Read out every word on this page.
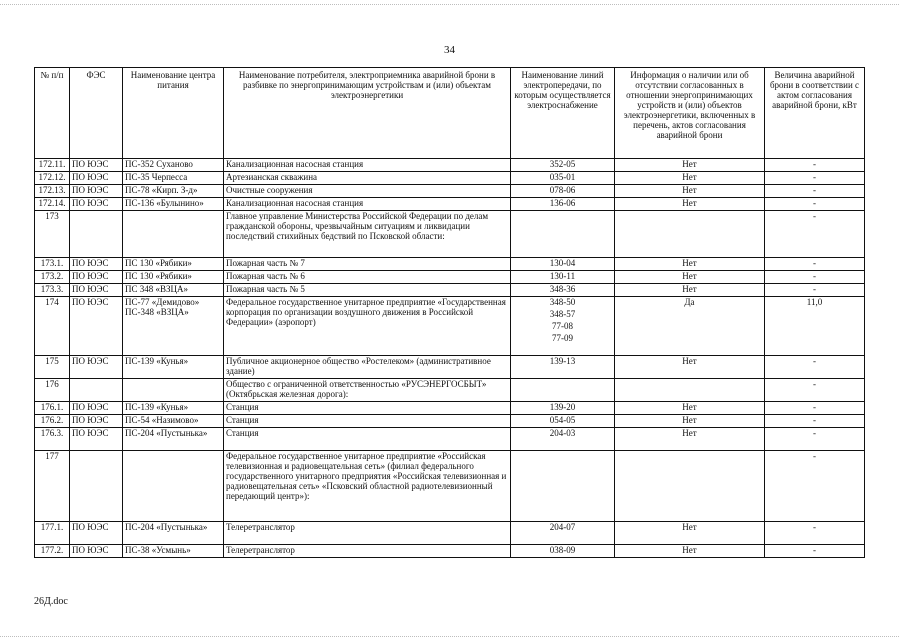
34
№ п/п	ФЭС	Наименование центра питания	Наименование потребителя, электроприемника аварийной брони в разбивке по энергопринимающим устройствам и (или) объектам электроэнергетики	Наименование линий электропередачи, по которым осуществляется электроснабжение	Информация о наличии или об отсутствии согласованных в отношении энергопринимающих устройств и (или) объектов электроэнергетики, включенных в перечень, актов согласования аварийной брони	Величина аварийной брони в соответствии с актом согласования аварийной брони, кВт
172.11.	ПО ЮЭС	ПС-352 Суханово	Канализационная насосная станция	352-05	Нет	-
172.12.	ПО ЮЭС	ПС-35 Черпесса	Артезианская скважина	035-01	Нет	-
172.13.	ПО ЮЭС	ПС-78 «Кирп. З-д»	Очистные сооружения	078-06	Нет	-
172.14.	ПО ЮЭС	ПС-136 «Булынино»	Канализационная насосная станция	136-06	Нет	-
173			Главное управление Министерства Российской Федерации по делам гражданской обороны, чрезвычайным ситуациям и ликвидации последствий стихийных бедствий по Псковской области:			-
173.1.	ПО ЮЭС	ПС 130 «Рябики»	Пожарная часть № 7	130-04	Нет	-
173.2.	ПО ЮЭС	ПС 130 «Рябики»	Пожарная часть № 6	130-11	Нет	-
173.3.	ПО ЮЭС	ПС 348 «ВЗЦА»	Пожарная часть № 5	348-36	Нет	-
174	ПО ЮЭС	ПС-77 «Демидово» ПС-348 «ВЗЦА»	Федеральное государственное унитарное предприятие «Государственная корпорация по организации воздушного движения в Российской Федерации» (аэропорт)	348-50
348-57
77-08
77-09	Да	11,0
175	ПО ЮЭС	ПС-139 «Кунья»	Публичное акционерное общество «Ростелеком» (административное здание)	139-13	Нет	-
176			Общество с ограниченной ответственностью «РУСЭНЕРГОСБЫТ» (Октябрьская железная дорога):			-
176.1.	ПО ЮЭС	ПС-139 «Кунья»	Станция	139-20	Нет	-
176.2.	ПО ЮЭС	ПС-54 «Назимово»	Станция	054-05	Нет	-
176.3.	ПО ЮЭС	ПС-204 «Пустынька»	Станция	204-03	Нет	-
177			Федеральное государственное унитарное предприятие «Российская телевизионная и радиовещательная сеть» (филиал федерального государственного унитарного предприятия «Российская телевизионная и радиовещательная сеть» «Псковский областной радиотелевизионный передающий центр»):			-
177.1.	ПО ЮЭС	ПС-204 «Пустынька»	Телеретранслятор	204-07	Нет	-
177.2.	ПО ЮЭС	ПС-38 «Усмынь»	Телеретранслятор	038-09	Нет	-
26Д.doc
